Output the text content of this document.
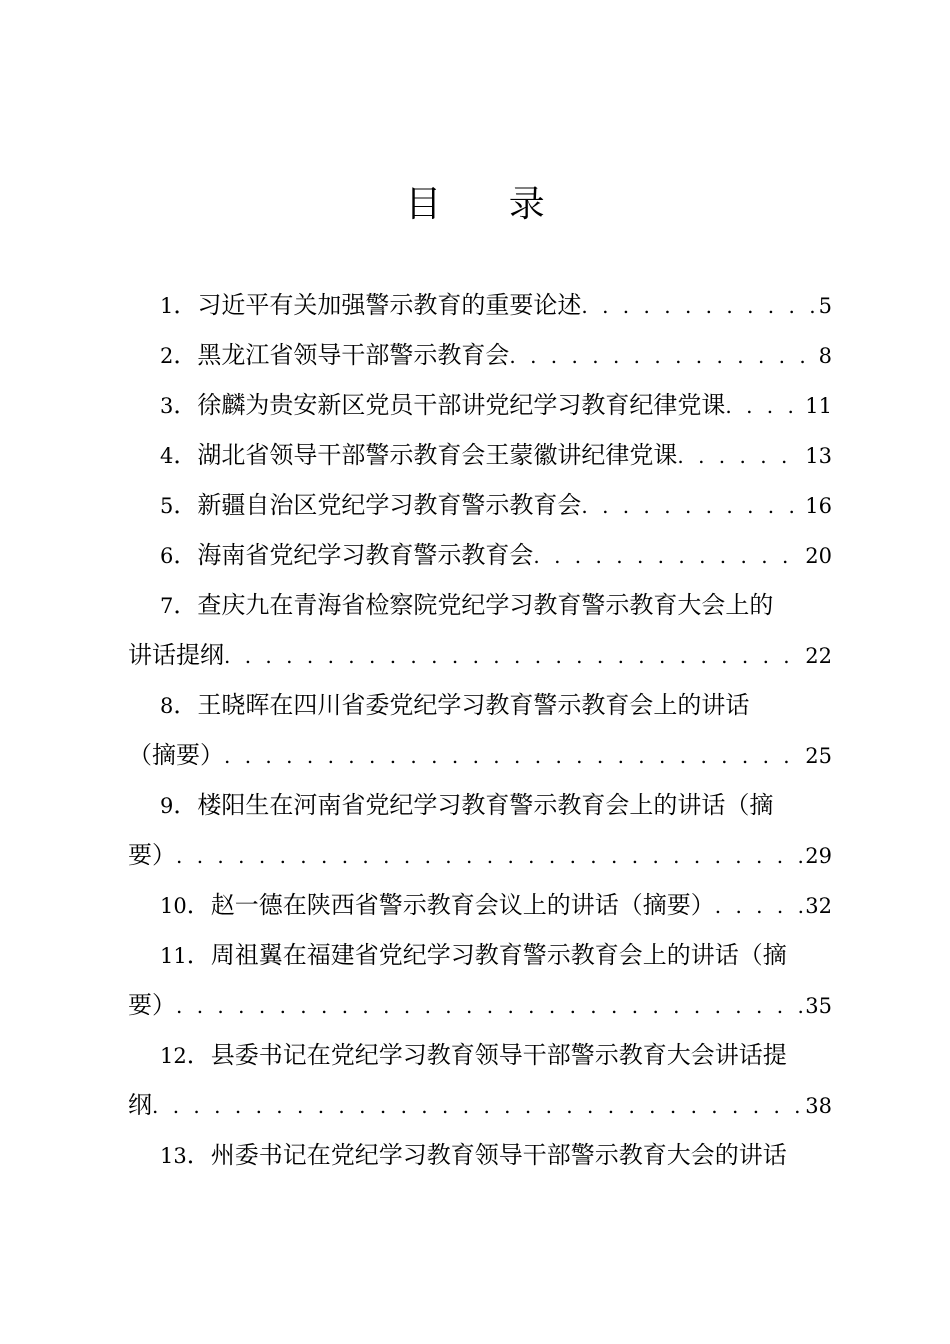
目 录
1 ． 习近平有关加强警示教育的重要论述 . . .	5
2 ． 黑龙江省领导干部警示教育会 . . .	8
3 ． 徐麟为贵安新区党员干部讲党纪学习教育纪律党课 . . .	11
4 ． 湖北省领导干部警示教育会王蒙徽讲纪律党课 . . .	13
5 ． 新疆自治区党纪学习教育警示教育会 . . .	16
6 ． 海南省党纪学习教育警示教育会 . . .	20
7 ． 查庆九在青海省检察院党纪学习教育警示教育大会上的
讲话提纲 . . .	22
8 ． 王晓晖在四川省委党纪学习教育警示教育会上的讲话
（摘要） . . .	25
9 ． 楼阳生在河南省党纪学习教育警示教育会上的讲话（摘
要） . . .	29
10 ． 赵一德在陕西省警示教育会议上的讲话（摘要） . . .	32
11 ． 周祖翼在福建省党纪学习教育警示教育会上的讲话（摘
要） . . .	35
12 ． 县委书记在党纪学习教育领导干部警示教育大会讲话提
纲 . . .	38
13 ． 州委书记在党纪学习教育领导干部警示教育大会的讲话
